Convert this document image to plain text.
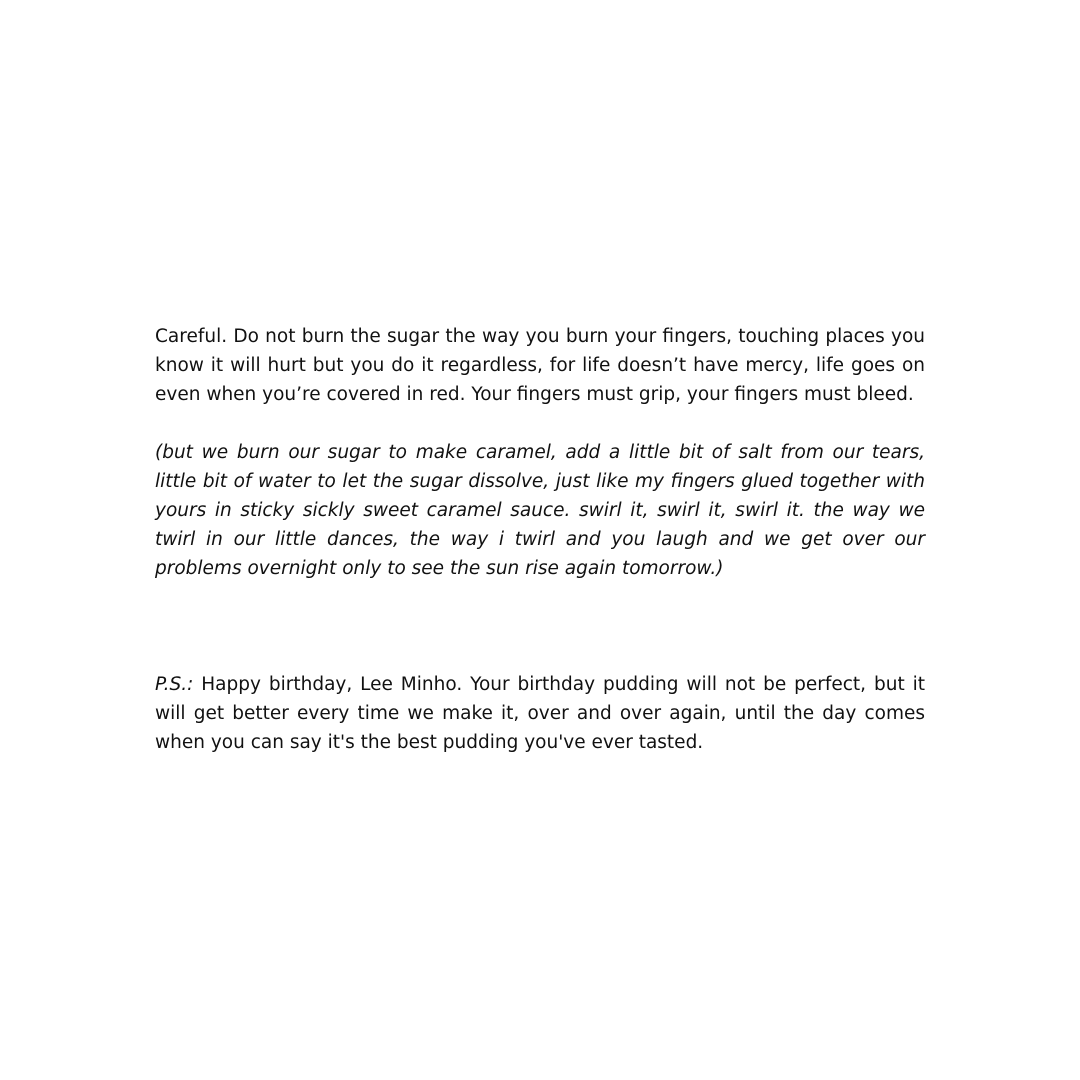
Careful. Do not burn the sugar the way you burn your fingers, touching places you know it will hurt but you do it regardless, for life doesn’t have mercy, life goes on even when you’re covered in red. Your fingers must grip, your fingers must bleed.

(but we burn our sugar to make caramel, add a little bit of salt from our tears, little bit of water to let the sugar dissolve, just like my fingers glued together with yours in sticky sickly sweet caramel sauce. swirl it, swirl it, swirl it. the way we twirl in our little dances, the way i twirl and you laugh and we get over our problems overnight only to see the sun rise again tomorrow.)

P.S.: Happy birthday, Lee Minho. Your birthday pudding will not be perfect, but it will get better every time we make it, over and over again, until the day comes when you can say it's the best pudding you've ever tasted.
